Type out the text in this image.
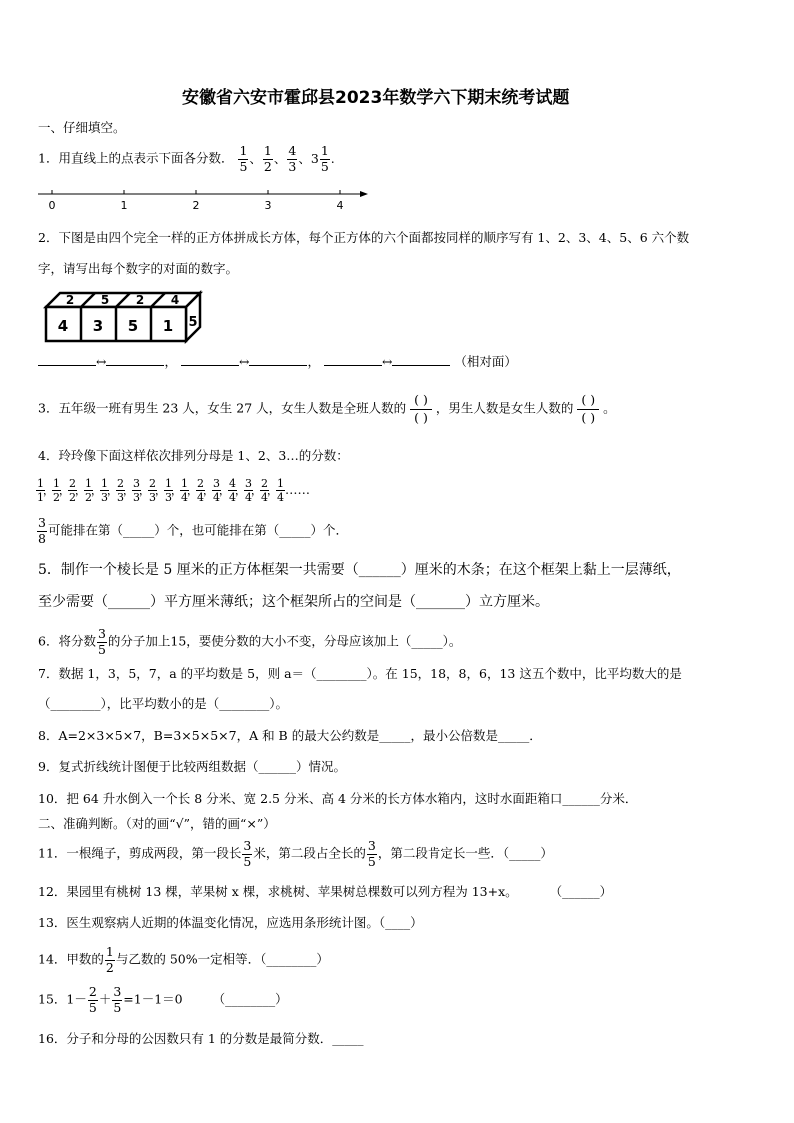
安徽省六安市霍邱县2023年数学六下期末统考试题
一、仔细填空。
1．用直线上的点表示下面各分数． $\frac{1}{5}$ 、 $\frac{1}{2}$ 、 $\frac{4}{3}$ 、$3 \frac{1}{5}$ .
0	1	2	3	4
2．下图是由四个完全一样的正方体拼成长方体，每个正方体的六个面都按同样的顺序写有 1、2、3、4、5、6 六个数
字，请写出每个数字的对面的数字。
4 3 5 1
2 5 2 4
5
↔	，	↔	，	↔	（相对面）
3．五年级一班有男生 23 人，女生 27 人，女生人数是全班人数的
( )
( )
，男生人数是女生人数的
( )
( )
。
4．玲玲像下面这样依次排列分母是 1、2、3…的分数：
$\frac{1}{1}$
，
$\frac{1}{2}$
，
$\frac{2}{2}$
，
$\frac{1}{2}$
，
$\frac{1}{3}$
，
$\frac{2}{3}$
，
$\frac{3}{3}$
，
$\frac{2}{3}$
，
$\frac{1}{3}$
，
$\frac{1}{4}$
，
$\frac{2}{4}$
，
$\frac{3}{4}$
，
$\frac{4}{4}$
，
$\frac{3}{4}$
，
$\frac{2}{4}$
，
$\frac{1}{4}$ ……
$\frac{3}{8}$ 可能排在第（_____）个，也可能排在第（_____）个．
5．制作一个棱长是 5 厘米的正方体框架一共需要（______）厘米的木条；在这个框架上黏上一层薄纸，
至少需要（______）平方厘米薄纸；这个框架所占的空间是（_______）立方厘米。
6．将分数 $\frac{3}{5}$ 的分子加上15，要使分数的大小不变，分母应该加上（_____）。
7．数据 1，3，5，7，a 的平均数是 5，则 a＝（________）。在 15，18，8，6，13 这五个数中，比平均数大的是
（________），比平均数小的是（________）。
8．A=2×3×5×7，B=3×5×5×7，A 和 B 的最大公约数是_____，最小公倍数是_____．
9．复式折线统计图便于比较两组数据（______）情况。
10．把 64 升水倒入一个长 8 分米、宽 2.5 分米、高 4 分米的长方体水箱内，这时水面距箱口______分米．
二、准确判断。（对的画“√”，错的画“×”）
11．一根绳子，剪成两段，第一段长 $\frac{3}{5}$ 米，第二段占全长的 $\frac{3}{5}$ ，第二段肯定长一些．（_____）
12．果园里有桃树 13 棵，苹果树 x 棵，求桃树、苹果树总棵数可以列方程为 13+x。	（______）
13．医生观察病人近期的体温变化情况，应选用条形统计图。（____）
14．甲数的 $\frac{1}{2}$ 与乙数的 50%一定相等．（________）
15．$1- \frac{2}{5} + \frac{3}{5} =1-1=0$ （________）
16．分子和分母的公因数只有 1 的分数是最简分数．_____
